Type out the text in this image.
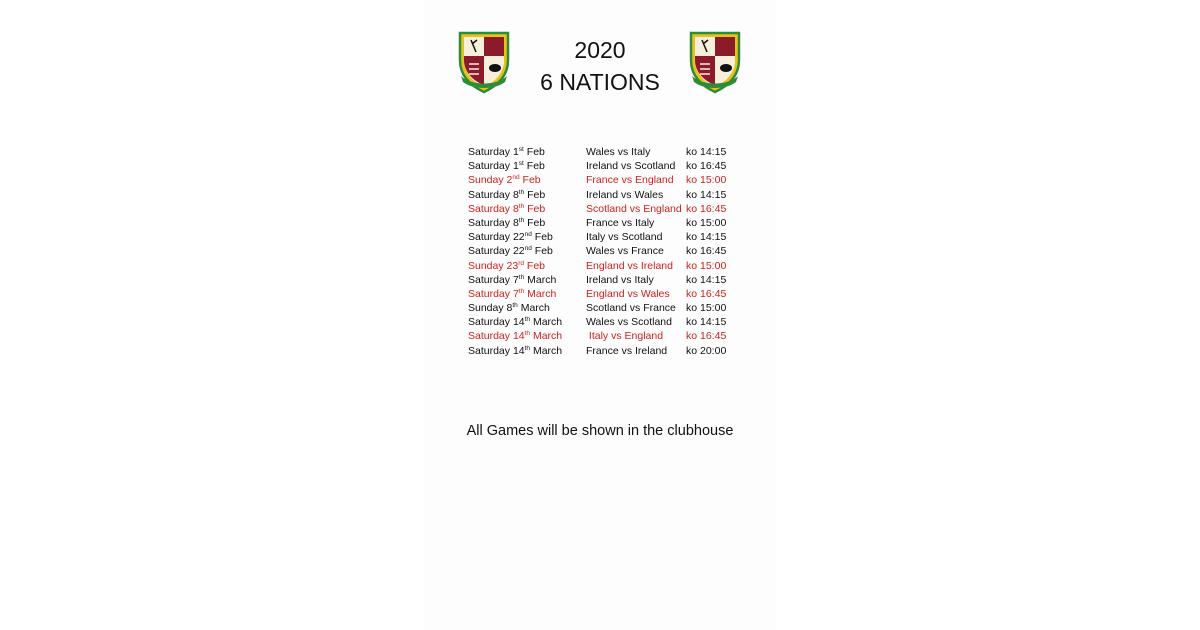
2020
6 NATIONS
Saturday 1st Feb	Wales vs Italy	ko 14:15
Saturday 1st Feb	Ireland vs Scotland ko 16:45
Sunday 2nd Feb	France vs England ko 15:00
Saturday 8th Feb	Ireland vs Wales ko 14:15
Saturday 8th Feb	Scotland vs England ko 16:45
Saturday 8th Feb	France vs Italy	ko 15:00
Saturday 22nd Feb	Italy vs Scotland ko 14:15
Saturday 22nd Feb	Wales vs France ko 16:45
Sunday 23rd Feb	England vs Ireland ko 15:00
Saturday 7th March	Ireland vs Italy	ko 14:15
Saturday 7th March	England vs Wales ko 16:45
Sunday 8th March	Scotland vs France ko 15:00
Saturday 14th March Wales vs Scotland ko 14:15
Saturday 14th March Italy vs England ko 16:45
Saturday 14th March France vs Ireland ko 20:00
All Games will be shown in the clubhouse
